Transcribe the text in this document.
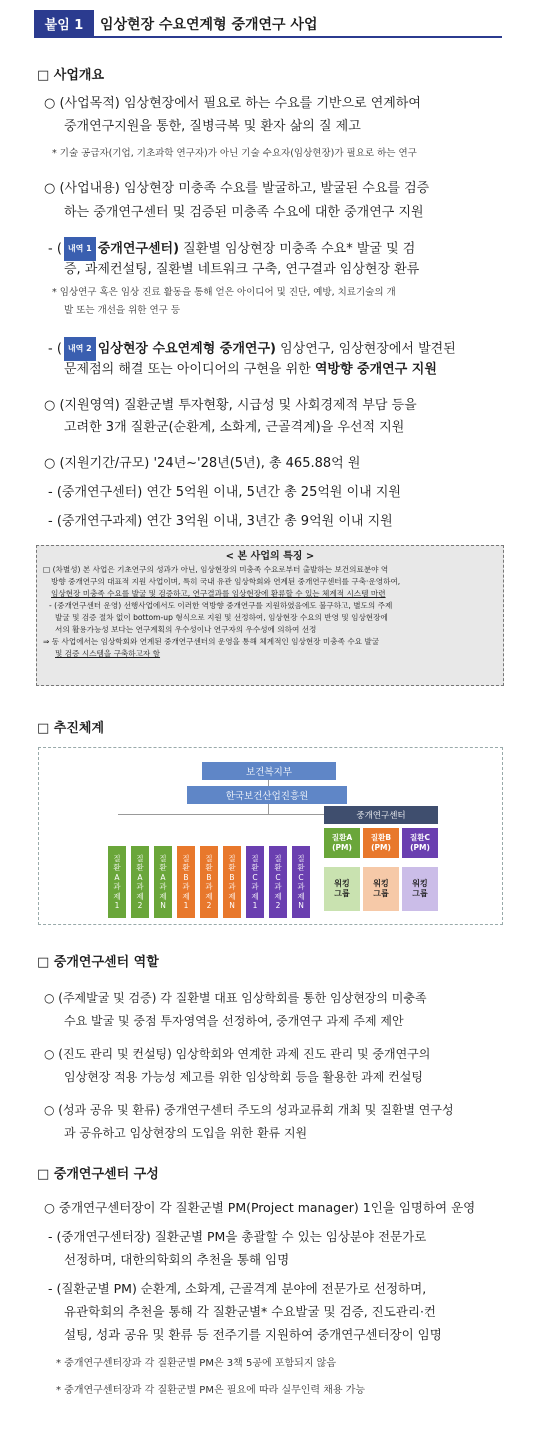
붙임 1	임상현장 수요연계형 중개연구 사업
□ 사업개요
○ (사업목적) 임상현장에서 필요로 하는 수요를 기반으로 연계하여
중개연구지원을 통한, 질병극복 및 환자 삶의 질 제고
* 기술 공급자(기업, 기초과학 연구자)가 아닌 기술 수요자(임상현장)가 필요로 하는 연구
○ (사업내용) 임상현장 미충족 수요를 발굴하고, 발굴된 수요를 검증
하는 중개연구센터 및 검증된 미충족 수요에 대한 중개연구 지원
- ( 내역 1 중개연구센터) 질환별 임상현장 미충족 수요* 발굴 및 검
증, 과제컨설팅, 질환별 네트워크 구축, 연구결과 임상현장 환류
* 임상연구 혹은 임상 진료 활동을 통해 얻은 아이디어 및 진단, 예방, 치료기술의 개
발 또는 개선을 위한 연구 등
- ( 내역 2 임상현장 수요연계형 중개연구) 임상연구, 임상현장에서 발견된
문제점의 해결 또는 아이디어의 구현을 위한 역방향 중개연구 지원
○ (지원영역) 질환군별 투자현황, 시급성 및 사회경제적 부담 등을
고려한 3개 질환군(순환계, 소화계, 근골격계)을 우선적 지원
○ (지원기간/규모) '24년~'28년(5년), 총 465.88억 원
- (중개연구센터) 연간 5억원 이내, 5년간 총 25억원 이내 지원
- (중개연구과제) 연간 3억원 이내, 3년간 총 9억원 이내 지원
< 본 사업의 특징 >
□ (차별성) 본 사업은 기초연구의 성과가 아닌, 임상현장의 미충족 수요로부터 출발하는 보건의료분야 역
방향 중개연구의 대표적 지원 사업이며, 특히 국내 유관 임상학회와 연계된 중개연구센터를 구축·운영하여,
임상현장 미충족 수요를 발굴 및 검증하고, 연구결과를 임상현장에 환류할 수 있는 체계적 시스템 마련
- (중개연구센터 운영) 선행사업에서도 이러한 역방향 중개연구를 지원하였음에도 불구하고, 별도의 주제
발굴 및 검증 절차 없이 bottom-up 형식으로 지원 및 선정하여, 임상현장 수요의 반영 및 임상현장에
서의 활용가능성 보다는 연구계획의 우수성이나 연구자의 우수성에 의하여 선정
⇒ 동 사업에서는 임상학회와 연계된 중개연구센터의 운영을 통해 체계적인 임상현장 미충족 수요 발굴
및 검증 시스템을 구축하고자 함
□ 추진체계
보건복지부
한국보건산업진흥원
중개연구센터
질
환
A
과
제
1
질
환
A
과
제
2
질
환
A
과
제
N
질
환
B
과
제
1
질
환
B
과
제
2
질
환
B
과
제
N
질
환
C
과
제
1
질
환
C
과
제
2
질
환
C
과
제
N
질환A
(PM)
워킹
그룹
질환B
(PM)
워킹
그룹
질환C
(PM)
워킹
그룹
□ 중개연구센터 역할
○ (주제발굴 및 검증) 각 질환별 대표 임상학회를 통한 임상현장의 미충족
수요 발굴 및 중점 투자영역을 선정하여, 중개연구 과제 주제 제안
○ (진도 관리 및 컨설팅) 임상학회와 연계한 과제 진도 관리 및 중개연구의
임상현장 적용 가능성 제고를 위한 임상학회 등을 활용한 과제 컨설팅
○ (성과 공유 및 환류) 중개연구센터 주도의 성과교류회 개최 및 질환별 연구성
과 공유하고 임상현장의 도입을 위한 환류 지원
□ 중개연구센터 구성
○ 중개연구센터장이 각 질환군별 PM(Project manager) 1인을 임명하여 운영
- (중개연구센터장) 질환군별 PM을 총괄할 수 있는 임상분야 전문가로
선정하며, 대한의학회의 추천을 통해 임명
- (질환군별 PM) 순환계, 소화계, 근골격계 분야에 전문가로 선정하며,
유관학회의 추천을 통해 각 질환군별* 수요발굴 및 검증, 진도관리·컨
설팅, 성과 공유 및 환류 등 전주기를 지원하여 중개연구센터장이 임명
* 중개연구센터장과 각 질환군별 PM은 3책 5공에 포함되지 않음
* 중개연구센터장과 각 질환군별 PM은 필요에 따라 실무인력 채용 가능
